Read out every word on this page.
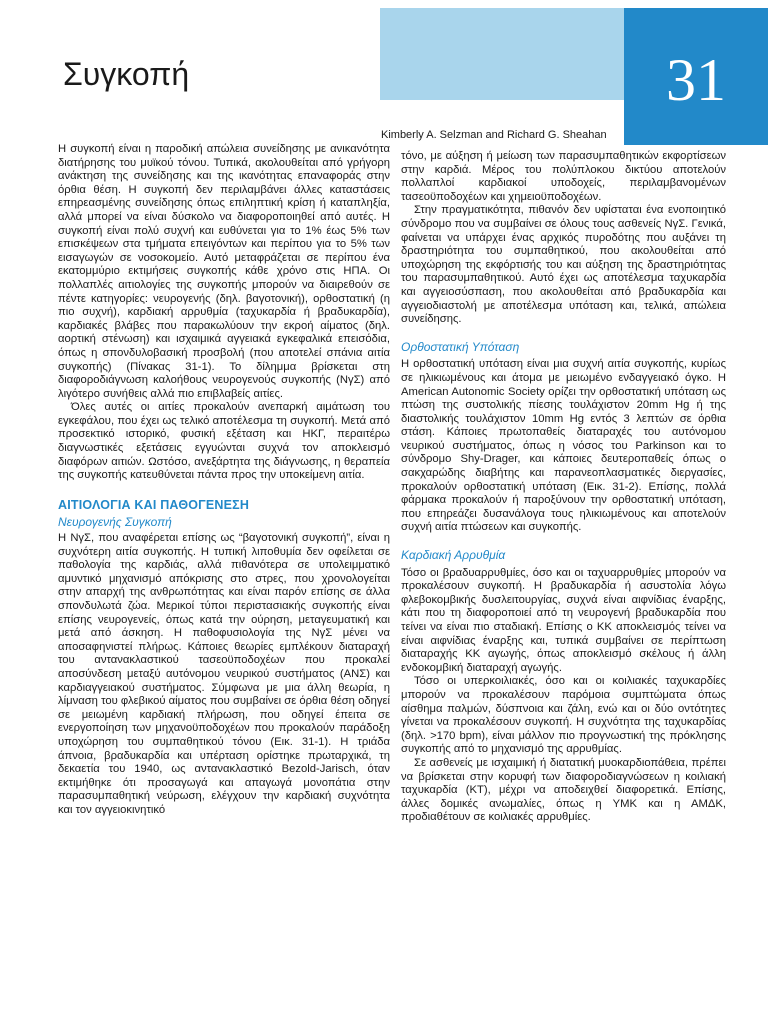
31
Συγκοπή

Kimberly A. Selzman and Richard G. Sheahan

Η συγκοπή είναι η παροδική απώλεια συνείδησης με ανικανότητα διατήρησης του μυϊκού τόνου. Τυπικά, ακολουθείται από γρήγορη ανάκτηση της συνείδησης και της ικανότητας επαναφοράς στην όρθια θέση. Η συγκοπή δεν περιλαμβάνει άλλες καταστάσεις επηρεασμένης συνείδησης όπως επιληπτική κρίση ή καταπληξία, αλλά μπορεί να είναι δύσκολο να διαφοροποιηθεί από αυτές. Η συγκοπή είναι πολύ συχνή και ευθύνεται για το 1% έως 5% των επισκέψεων στα τμήματα επειγόντων και περίπου για το 5% των εισαγωγών σε νοσοκομείο. Αυτό μεταφράζεται σε περίπου ένα εκατομμύριο εκτιμήσεις συγκοπής κάθε χρόνο στις ΗΠΑ. Οι πολλαπλές αιτιολογίες της συγκοπής μπορούν να διαιρεθούν σε πέντε κατηγορίες: νευρογενής (δηλ. βαγοτονική), ορθοστατική (η πιο συχνή), καρδιακή αρρυθμία (ταχυκαρδία ή βραδυκαρδία), καρδιακές βλάβες που παρακωλύουν την εκροή αίματος (δηλ. αορτική στένωση) και ισχαιμικά αγγειακά εγκεφαλικά επεισόδια, όπως η σπονδυλοβασική προσβολή (που αποτελεί σπάνια αιτία συγκοπής) (Πίνακας 31-1). Το δίλημμα βρίσκεται στη διαφοροδιάγνωση καλοήθους νευρογενούς συγκοπής (ΝγΣ) από λιγότερο συνήθεις αλλά πιο επιβλαβείς αιτίες.

Όλες αυτές οι αιτίες προκαλούν ανεπαρκή αιμάτωση του εγκεφάλου, που έχει ως τελικό αποτέλεσμα τη συγκοπή. Μετά από προσεκτικό ιστορικό, φυσική εξέταση και ΗΚΓ, περαιτέρω διαγνωστικές εξετάσεις εγγυώνται συχνά τον αποκλεισμό διαφόρων αιτιών. Ωστόσο, ανεξάρτητα της διάγνωσης, η θεραπεία της συγκοπής κατευθύνεται πάντα προς την υποκείμενη αιτία.

ΑΙΤΙΟΛΟΓΙΑ ΚΑΙ ΠΑΘΟΓΕΝΕΣΗ
Νευρογενής Συγκοπή

Η ΝγΣ, που αναφέρεται επίσης ως “βαγοτονική συγκοπή”, είναι η συχνότερη αιτία συγκοπής. Η τυπική λιποθυμία δεν οφείλεται σε παθολογία της καρδιάς, αλλά πιθανότερα σε υπολειμματικό αμυντικό μηχανισμό απόκρισης στο στρες, που χρονολογείται στην απαρχή της ανθρωπότητας και είναι παρόν επίσης σε άλλα σπονδυλωτά ζώα. Μερικοί τύποι περιστασιακής συγκοπής είναι επίσης νευρογενείς, όπως κατά την ούρηση, μεταγευματική και μετά από άσκηση. Η παθοφυσιολογία της ΝγΣ μένει να αποσαφηνιστεί πλήρως. Κάποιες θεωρίες εμπλέκουν διαταραχή του αντανακλαστικού τασεοϋποδοχέων που προκαλεί αποσύνδεση μεταξύ αυτόνομου νευρικού συστήματος (ΑΝΣ) και καρδιαγγειακού συστήματος. Σύμφωνα με μια άλλη θεωρία, η λίμναση του φλεβικού αίματος που συμβαίνει σε όρθια θέση οδηγεί σε μειωμένη καρδιακή πλήρωση, που οδηγεί έπειτα σε ενεργοποίηση των μηχανοϋποδοχέων που προκαλούν παράδοξη υποχώρηση του συμπαθητικού τόνου (Εικ. 31-1). Η τριάδα άπνοια, βραδυκαρδία και υπέρταση ορίστηκε πρωταρχικά, τη δεκαετία του 1940, ως αντανακλαστικό Bezold-Jarisch, όταν εκτιμήθηκε ότι προσαγωγά και απαγωγά μονοπάτια στην παρασυμπαθητική νεύρωση, ελέγχουν την καρδιακή συχνότητα και τον αγγειοκινητικό

τόνο, με αύξηση ή μείωση των παρασυμπαθητικών εκφορτίσεων στην καρδιά. Μέρος του πολύπλοκου δικτύου αποτελούν πολλαπλοί καρδιακοί υποδοχείς, περιλαμβανομένων τασεοϋποδοχέων και χημειοϋποδοχέων.

Στην πραγματικότητα, πιθανόν δεν υφίσταται ένα ενοποιητικό σύνδρομο που να συμβαίνει σε όλους τους ασθενείς ΝγΣ. Γενικά, φαίνεται να υπάρχει ένας αρχικός πυροδότης που αυξάνει τη δραστηριότητα του συμπαθητικού, που ακολουθείται από υποχώρηση της εκφόρτισής του και αύξηση της δραστηριότητας του παρασυμπαθητικού. Αυτό έχει ως αποτέλεσμα ταχυκαρδία και αγγειοσύσπαση, που ακολουθείται από βραδυκαρδία και αγγειοδιαστολή με αποτέλεσμα υπόταση και, τελικά, απώλεια συνείδησης.

Ορθοστατική Υπόταση

Η ορθοστατική υπόταση είναι μια συχνή αιτία συγκοπής, κυρίως σε ηλικιωμένους και άτομα με μειωμένο ενδαγγειακό όγκο. Η American Autonomic Society ορίζει την ορθοστατική υπόταση ως πτώση της συστολικής πίεσης τουλάχιστον 20mm Hg ή της διαστολικής τουλάχιστον 10mm Hg εντός 3 λεπτών σε όρθια στάση. Κάποιες πρωτοπαθείς διαταραχές του αυτόνομου νευρικού συστήματος, όπως η νόσος του Parkinson και το σύνδρομο Shy-Drager, και κάποιες δευτεροπαθείς όπως ο σακχαρώδης διαβήτης και παρανεοπλασματικές διεργασίες, προκαλούν ορθοστατική υπόταση (Εικ. 31-2). Επίσης, πολλά φάρμακα προκαλούν ή παροξύνουν την ορθοστατική υπόταση, που επηρεάζει δυσανάλογα τους ηλικιωμένους και αποτελούν συχνή αιτία πτώσεων και συγκοπής.

Καρδιακή Αρρυθμία

Τόσο οι βραδυαρρυθμίες, όσο και οι ταχυαρρυθμίες μπορούν να προκαλέσουν συγκοπή. Η βραδυκαρδία ή ασυστολία λόγω φλεβοκομβικής δυσλειτουργίας, συχνά είναι αιφνίδιας έναρξης, κάτι που τη διαφοροποιεί από τη νευρογενή βραδυκαρδία που τείνει να είναι πιο σταδιακή. Επίσης ο ΚΚ αποκλεισμός τείνει να είναι αιφνίδιας έναρξης και, τυπικά συμβαίνει σε περίπτωση διαταραχής ΚΚ αγωγής, όπως αποκλεισμό σκέλους ή άλλη ενδοκομβική διαταραχή αγωγής.

Τόσο οι υπερκοιλιακές, όσο και οι κοιλιακές ταχυκαρδίες μπορούν να προκαλέσουν παρόμοια συμπτώματα όπως αίσθημα παλμών, δύσπνοια και ζάλη, ενώ και οι δύο οντότητες γίνεται να προκαλέσουν συγκοπή. Η συχνότητα της ταχυκαρδίας (δηλ. >170 bpm), είναι μάλλον πιο προγνωστική της πρόκλησης συγκοπής από το μηχανισμό της αρρυθμίας.

Σε ασθενείς με ισχαιμική ή διατατική μυοκαρδιοπάθεια, πρέπει να βρίσκεται στην κορυφή των διαφοροδιαγνώσεων η κοιλιακή ταχυκαρδία (ΚΤ), μέχρι να αποδειχθεί διαφορετικά. Επίσης, άλλες δομικές ανωμαλίες, όπως η ΥΜΚ και η ΑΜΔΚ, προδιαθέτουν σε κοιλιακές αρρυθμίες.
